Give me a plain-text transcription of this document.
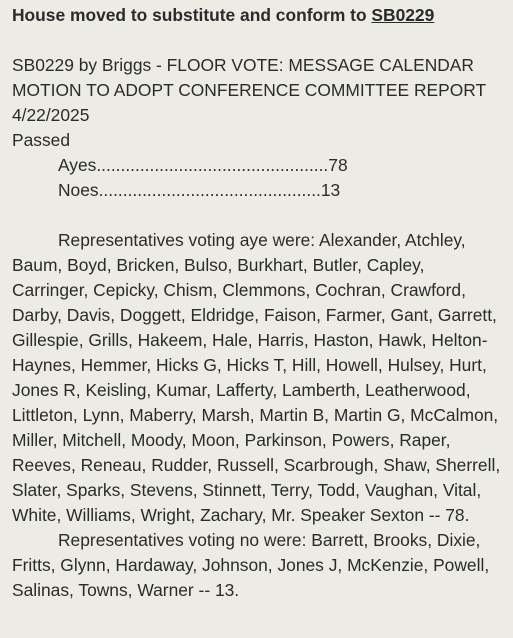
House moved to substitute and conform to SB0229
SB0229 by Briggs - FLOOR VOTE: MESSAGE CALENDAR
MOTION TO ADOPT CONFERENCE COMMITTEE REPORT
4/22/2025
Passed
Ayes................................................78
Noes..............................................13

Representatives voting aye were: Alexander, Atchley, Baum, Boyd, Bricken, Bulso, Burkhart, Butler, Capley, Carringer, Cepicky, Chism, Clemmons, Cochran, Crawford, Darby, Davis, Doggett, Eldridge, Faison, Farmer, Gant, Garrett, Gillespie, Grills, Hakeem, Hale, Harris, Haston, Hawk, Helton-Haynes, Hemmer, Hicks G, Hicks T, Hill, Howell, Hulsey, Hurt, Jones R, Keisling, Kumar, Lafferty, Lamberth, Leatherwood, Littleton, Lynn, Maberry, Marsh, Martin B, Martin G, McCalmon, Miller, Mitchell, Moody, Moon, Parkinson, Powers, Raper, Reeves, Reneau, Rudder, Russell, Scarbrough, Shaw, Sherrell, Slater, Sparks, Stevens, Stinnett, Terry, Todd, Vaughan, Vital, White, Williams, Wright, Zachary, Mr. Speaker Sexton -- 78.

Representatives voting no were: Barrett, Brooks, Dixie, Fritts, Glynn, Hardaway, Johnson, Jones J, McKenzie, Powell, Salinas, Towns, Warner -- 13.
